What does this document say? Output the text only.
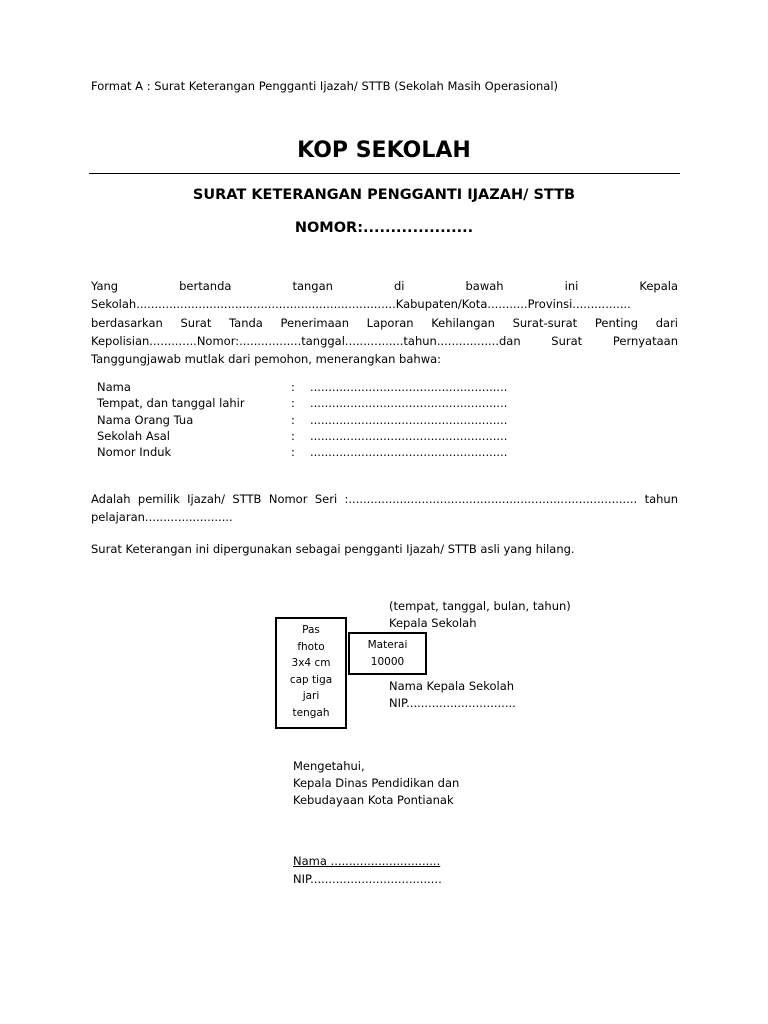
Format A : Surat Keterangan Pengganti Ijazah/ STTB (Sekolah Masih Operasional)
KOP SEKOLAH
SURAT KETERANGAN PENGGANTI IJAZAH/ STTB
NOMOR:....................
Yang bertanda tangan di bawah ini Kepala
Sekolah.......................................................................Kabupaten/Kota...........Provinsi................
berdasarkan Surat Tanda Penerimaan Laporan Kehilangan Surat-surat Penting dari
Kepolisian.............Nomor:.................tanggal................tahun.................dan Surat Pernyataan
Tanggungjawab mutlak dari pemohon, menerangkan bahwa:
Nama	: ......................................................
Tempat, dan tanggal lahir	: ......................................................
Nama Orang Tua	: ......................................................
Sekolah Asal	: ......................................................
Nomor Induk	: ......................................................
Adalah pemilik Ijazah/ STTB Nomor Seri :............................................................................... tahun
pelajaran........................
Surat Keterangan ini dipergunakan sebagai pengganti Ijazah/ STTB asli yang hilang.
(tempat, tanggal, bulan, tahun)
Kepala Sekolah
Pas
fhoto
3x4 cm
cap tiga
jari
tengah
Materai
10000
Nama Kepala Sekolah
NIP..............................
Mengetahui,
Kepala Dinas Pendidikan dan
Kebudayaan Kota Pontianak
Nama ..............................
NIP....................................
